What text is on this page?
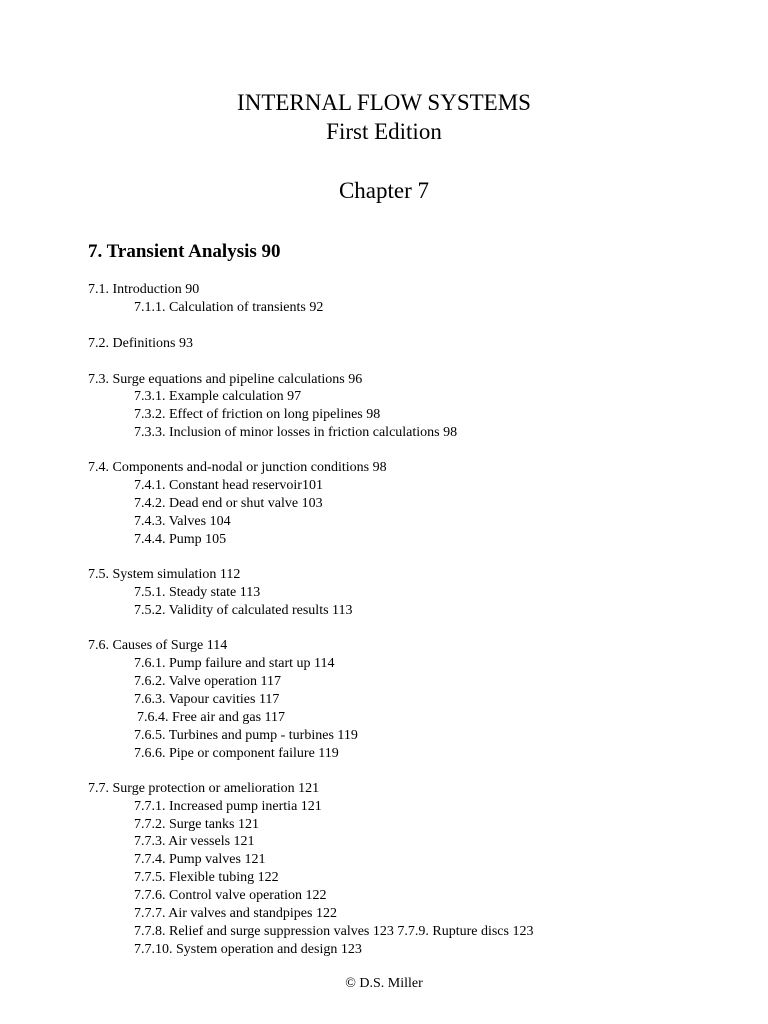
INTERNAL FLOW SYSTEMS
First Edition
Chapter 7
7. Transient Analysis 90
7.1. Introduction 90
7.1.1. Calculation of transients 92
7.2. Definitions 93
7.3. Surge equations and pipeline calculations 96
7.3.1. Example calculation 97
7.3.2. Effect of friction on long pipelines 98
7.3.3. Inclusion of minor losses in friction calculations 98
7.4. Components and-nodal or junction conditions 98
7.4.1. Constant head reservoir101
7.4.2. Dead end or shut valve 103
7.4.3. Valves 104
7.4.4. Pump 105
7.5. System simulation 112
7.5.1. Steady state 113
7.5.2. Validity of calculated results 113
7.6. Causes of Surge 114
7.6.1. Pump failure and start up 114
7.6.2. Valve operation 117
7.6.3. Vapour cavities 117
7.6.4. Free air and gas 117
7.6.5. Turbines and pump - turbines 119
7.6.6. Pipe or component failure 119
7.7. Surge protection or amelioration 121
7.7.1. Increased pump inertia 121
7.7.2. Surge tanks 121
7.7.3. Air vessels 121
7.7.4. Pump valves 121
7.7.5. Flexible tubing 122
7.7.6. Control valve operation 122
7.7.7. Air valves and standpipes 122
7.7.8. Relief and surge suppression valves 123 7.7.9. Rupture discs 123
7.7.10. System operation and design 123
© D.S. Miller
